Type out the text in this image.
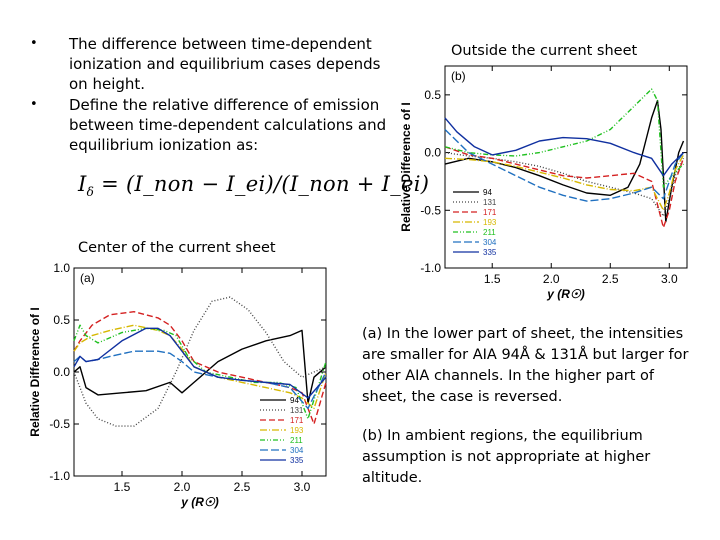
• The difference between time-dependent ionization and equilibrium cases depends on height.
• Define the relative difference of emission between time-dependent calculations and equilibrium ionization as:
$I_\delta$ = (I_non − I_ei)/(I_non + I_ei)
Outside the current sheet
Center of the current sheet

(a) In the lower part of sheet, the intensities are smaller for AIA 94Å & 131Å but larger for other AIA channels. In the higher part of sheet, the case is reversed.

(b) In ambient regions, the equilibrium assumption is not appropriate at higher altitude.

1.5	2.0	2.5	3.0
0.5
0.0
-0.5
-1.0
y (R☉)
Relative Difference of I
(b)
94
131
171
193
211
304
335
1.5	2.0	2.5	3.0
1.0
0.5
0.0
-0.5
-1.0
y (R☉)
Relative Difference of I
(a)
94
131
171
193
211
304
335
